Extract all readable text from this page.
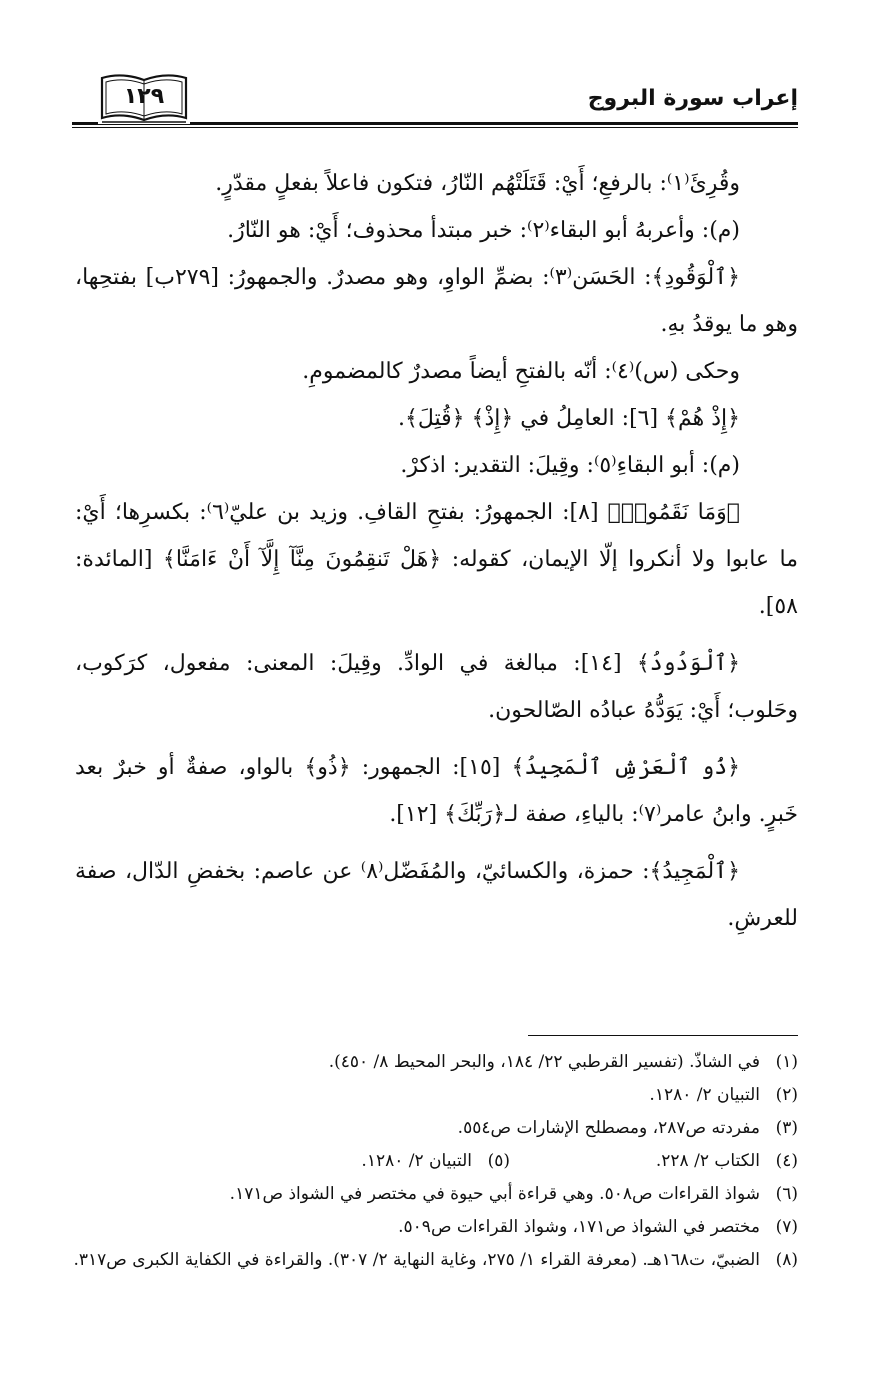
إعراب سورة البروج
١٢٩

وقُرِئَ⁽١⁾: بالرفعِ؛ أَيْ: قَتَلَتْهُم النّارُ، فتكون فاعلاً بفعلٍ مقدّرٍ.

(م): وأعربهُ أبو البقاء⁽٢⁾: خبر مبتدأ محذوف؛ أَيْ: هو النّارُ.

﴿ٱلْوَقُودِ﴾: الحَسَن⁽٣⁾: بضمِّ الواوِ، وهو مصدرٌ. والجمهورُ: [٢٧٩ب] بفتحِها، وهو ما يوقدُ بهِ.

وحكى (س)⁽٤⁾: أنّه بالفتحِ أيضاً مصدرٌ كالمضمومِ.

﴿إِذْ هُمْ﴾ [٦]: العامِلُ في ﴿إِذْ﴾ ﴿قُتِلَ﴾.

(م): أبو البقاءِ⁽٥⁾: وقِيلَ: التقدير: اذكرْ.

﴿وَمَا نَقَمُوا۟﴾ [٨]: الجمهورُ: بفتحِ القافِ. وزيد بن عليّ⁽٦⁾: بكسرِها؛ أَيْ: ما عابوا ولا أنكروا إلّا الإيمان، كقوله: ﴿هَلْ تَنقِمُونَ مِنَّآ إِلَّآ أَنْ ءَامَنَّا﴾ [المائدة: ٥٨].

﴿ٱلْوَدُودُ﴾ [١٤]: مبالغة في الوادِّ. وقِيلَ: المعنى: مفعول، كرَكوب، وحَلوب؛ أَيْ: يَوَدُّهُ عبادُه الصّالحون.

﴿ذُو ٱلْعَرْشِ ٱلْمَجِيدُ﴾ [١٥]: الجمهور: ﴿ذُو﴾ بالواو، صفةٌ أو خبرٌ بعد خَبرٍ. وابنُ عامر⁽٧⁾: بالياءِ، صفة لـ﴿رَبِّكَ﴾ [١٢].

﴿ٱلْمَجِيدُ﴾: حمزة، والكسائيّ، والمُفَضّل⁽٨⁾ عن عاصم: بخفضِ الدّال، صفة للعرشِ.

(١)
في الشاذّ. (تفسير القرطبي ٢٢/ ١٨٤، والبحر المحيط ٨/ ٤٥٠).
(٢)
التبيان ٢/ ١٢٨٠.
(٣)
مفردته ص٢٨٧، ومصطلح الإشارات ص٥٥٤.
(٤)
الكتاب ٢/ ٢٢٨.
(٥)
التبيان ٢/ ١٢٨٠.
(٦)
شواذ القراءات ص٥٠٨. وهي قراءة أبي حيوة في مختصر في الشواذ ص١٧١.
(٧)
مختصر في الشواذ ص١٧١، وشواذ القراءات ص٥٠٩.
(٨)
الضبيّ، ت١٦٨هـ. (معرفة القراء ١/ ٢٧٥، وغاية النهاية ٢/ ٣٠٧). والقراءة في الكفاية الكبرى ص٣١٧.
